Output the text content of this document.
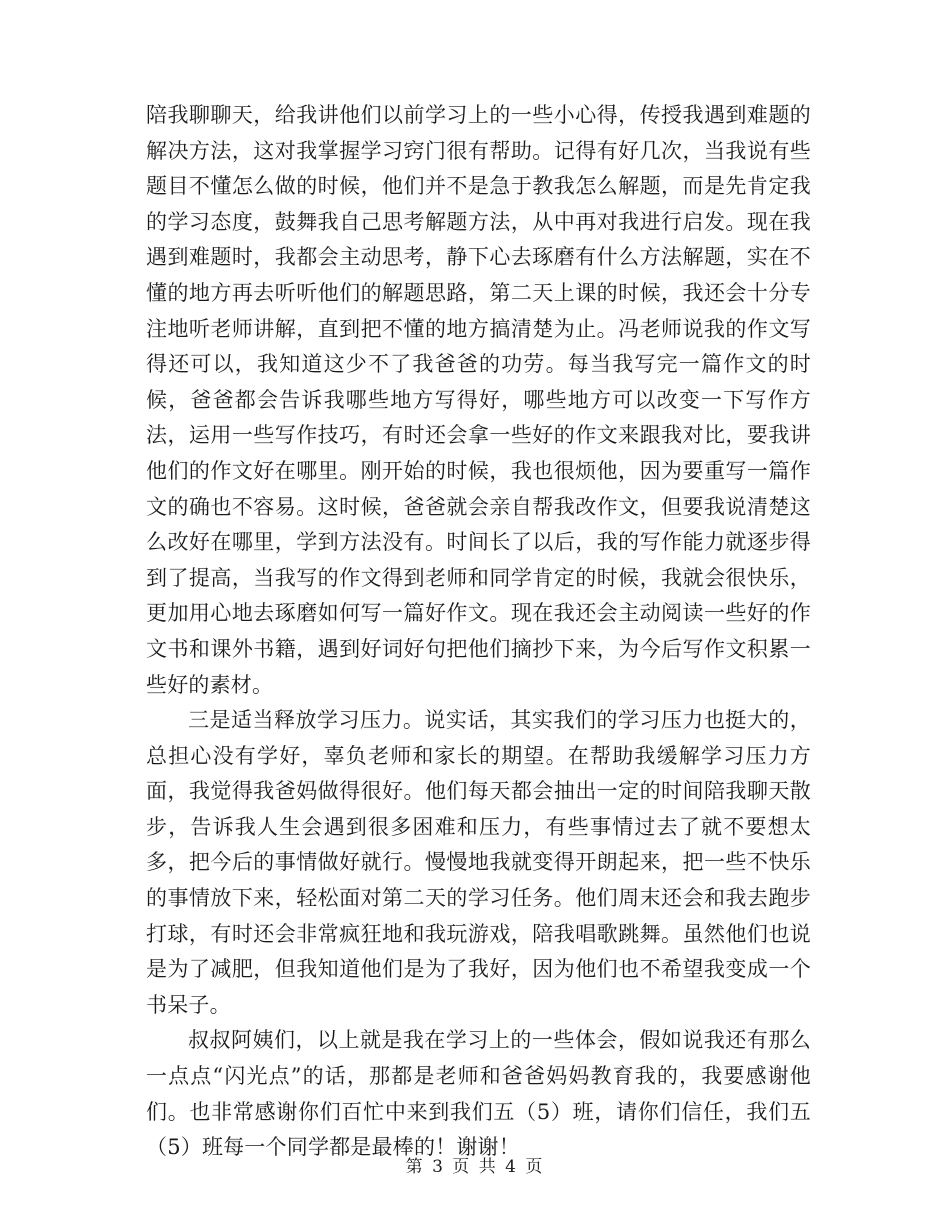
陪我聊聊天，给我讲他们以前学习上的一些小心得，传授我遇到难题的解决方法，这对我掌握学习窍门很有帮助。记得有好几次，当我说有些题目不懂怎么做的时候，他们并不是急于教我怎么解题，而是先肯定我的学习态度，鼓舞我自己思考解题方法，从中再对我进行启发。现在我遇到难题时，我都会主动思考，静下心去琢磨有什么方法解题，实在不懂的地方再去听听他们的解题思路，第二天上课的时候，我还会十分专注地听老师讲解，直到把不懂的地方搞清楚为止。冯老师说我的作文写得还可以，我知道这少不了我爸爸的功劳。每当我写完一篇作文的时候，爸爸都会告诉我哪些地方写得好，哪些地方可以改变一下写作方法，运用一些写作技巧，有时还会拿一些好的作文来跟我对比，要我讲他们的作文好在哪里。刚开始的时候，我也很烦他，因为要重写一篇作文的确也不容易。这时候，爸爸就会亲自帮我改作文，但要我说清楚这么改好在哪里，学到方法没有。时间长了以后，我的写作能力就逐步得到了提高，当我写的作文得到老师和同学肯定的时候，我就会很快乐，更加用心地去琢磨如何写一篇好作文。现在我还会主动阅读一些好的作文书和课外书籍，遇到好词好句把他们摘抄下来，为今后写作文积累一些好的素材。

三是适当释放学习压力。说实话，其实我们的学习压力也挺大的，总担心没有学好，辜负老师和家长的期望。在帮助我缓解学习压力方面，我觉得我爸妈做得很好。他们每天都会抽出一定的时间陪我聊天散步，告诉我人生会遇到很多困难和压力，有些事情过去了就不要想太多，把今后的事情做好就行。慢慢地我就变得开朗起来，把一些不快乐的事情放下来，轻松面对第二天的学习任务。他们周末还会和我去跑步打球，有时还会非常疯狂地和我玩游戏，陪我唱歌跳舞。虽然他们也说是为了减肥，但我知道他们是为了我好，因为他们也不希望我变成一个书呆子。

叔叔阿姨们，以上就是我在学习上的一些体会，假如说我还有那么一点点“闪光点”的话，那都是老师和爸爸妈妈教育我的，我要感谢他们。也非常感谢你们百忙中来到我们五（5）班，请你们信任，我们五（5）班每一个同学都是最棒的！谢谢！

第 3 页 共 4 页
